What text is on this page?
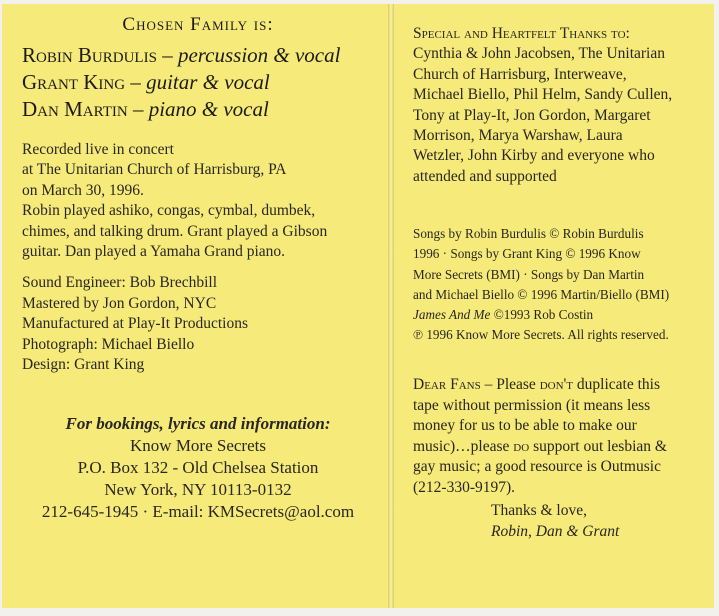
Chosen Family is:
Robin Burdulis – percussion & vocal
Grant King – guitar & vocal
Dan Martin – piano & vocal
Recorded live in concert
at The Unitarian Church of Harrisburg, PA
on March 30, 1996.
Robin played ashiko, congas, cymbal, dumbek,
chimes, and talking drum. Grant played a Gibson
guitar. Dan played a Yamaha Grand piano.
Sound Engineer: Bob Brechbill
Mastered by Jon Gordon, NYC
Manufactured at Play-It Productions
Photograph: Michael Biello
Design: Grant King
For bookings, lyrics and information:
Know More Secrets
P.O. Box 132 - Old Chelsea Station
New York, NY 10113-0132
212-645-1945 · E-mail: KMSecrets@aol.com
Special and Heartfelt Thanks to:
Cynthia & John Jacobsen, The Unitarian
Church of Harrisburg, Interweave,
Michael Biello, Phil Helm, Sandy Cullen,
Tony at Play-It, Jon Gordon, Margaret
Morrison, Marya Warshaw, Laura
Wetzler, John Kirby and everyone who
attended and supported
Songs by Robin Burdulis © Robin Burdulis
1996 · Songs by Grant King © 1996 Know
More Secrets (BMI) · Songs by Dan Martin
and Michael Biello © 1996 Martin/Biello (BMI)
James And Me ©1993 Rob Costin
℗ 1996 Know More Secrets. All rights reserved.
Dear Fans – Please don't duplicate this
tape without permission (it means less
money for us to be able to make our
music)…please do support out lesbian &
gay music; a good resource is Outmusic
(212-330-9197).
Thanks & love,
Robin, Dan & Grant
